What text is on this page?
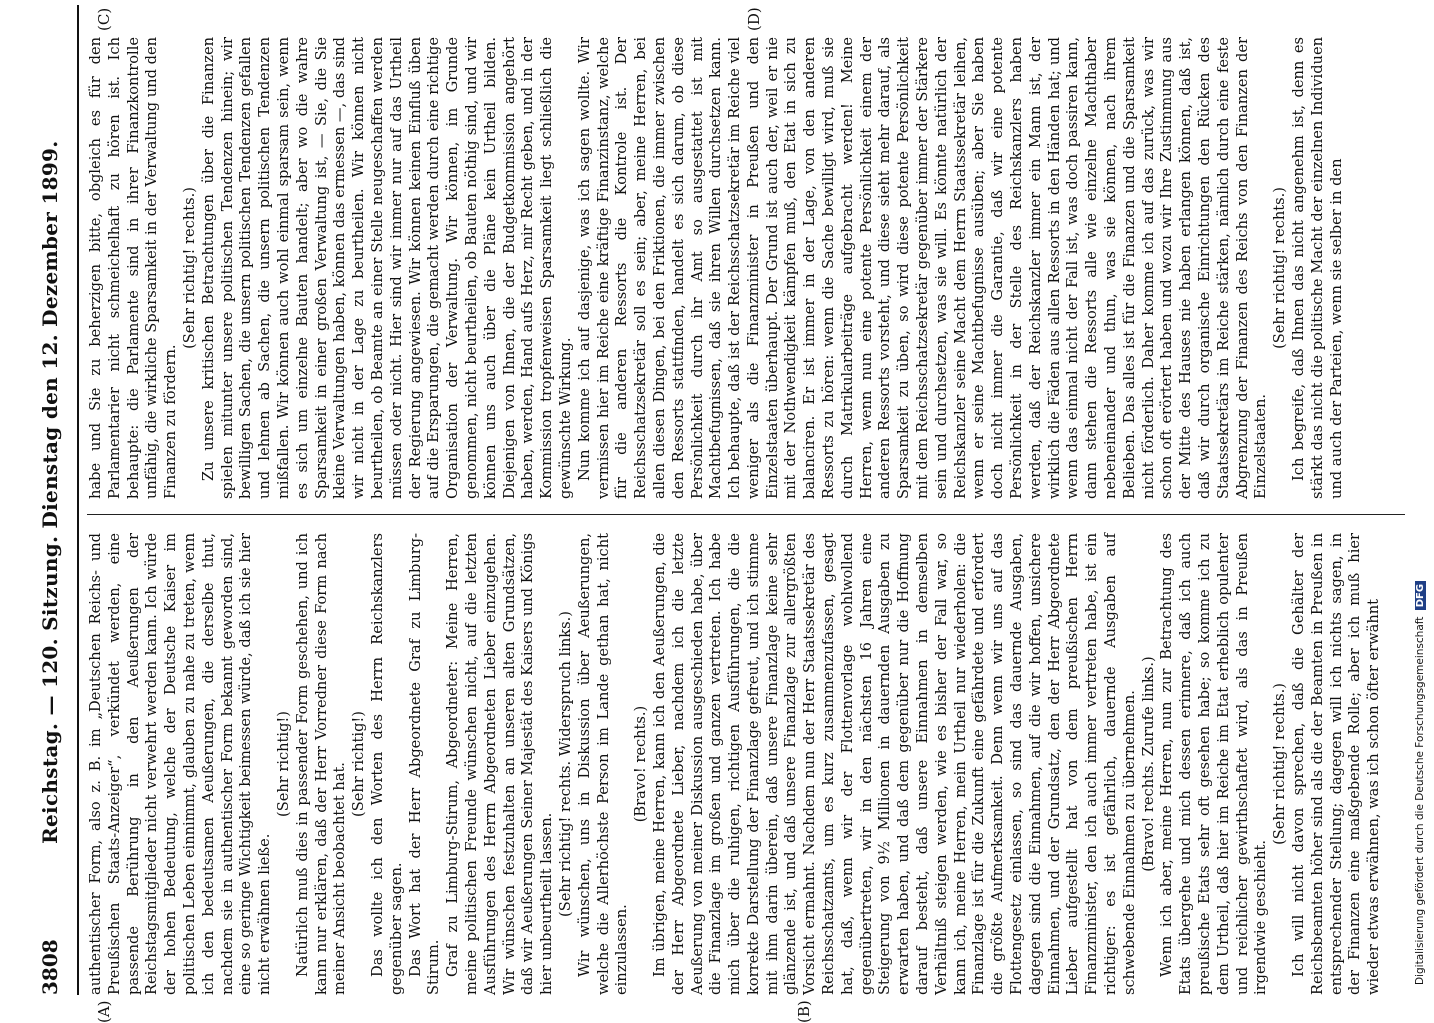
3808
Reichstag. — 120. Sitzung. Dienstag den 12. Dezember 1899. authentischer Form, also z. B. im „Deutschen Reichs- und Preußischen Staats-Anzeiger“, verkündet werden, eine passende Berührung in den Aeußerungen der Reichstagsmitglieder nicht verwehrt werden kann. Ich würde der hohen Bedeutung, welche der Deutsche Kaiser im politischen Leben einnimmt, glauben zu nahe zu treten, wenn ich den bedeutsamen Aeußerungen, die derselbe thut, nachdem sie in authentischer Form bekannt geworden sind, eine so geringe Wichtigkeit beimessen würde, daß ich sie hier nicht erwähnen ließe.

(Sehr richtig!) Natürlich muß dies in passender Form geschehen, und ich kann nur erklären, daß der Herr Vorredner diese Form nach meiner Ansicht beobachtet hat. (Sehr richtig!) Das wollte ich den Worten des Herrn Reichskanzlers gegenüber sagen. Das Wort hat der Herr Abgeordnete Graf zu Limburg-Stirum. Graf zu Limburg-Stirum, Abgeordneter: Meine Herren, meine politischen Freunde wünschen nicht, auf die letzten Ausführungen des Herrn Abgeordneten Lieber einzugehen. Wir wünschen festzuhalten an unseren alten Grundsätzen, daß wir Aeußerungen Seiner Majestät des Kaisers und Königs hier unbeurtheilt lassen. (Sehr richtig! rechts. Widerspruch links.) Wir wünschen, uns in Diskussion über Aeußerungen, welche die Allerhöchste Person im Lande gethan hat, nicht einzulassen.

(Bravo! rechts.) Im übrigen, meine Herren, kann ich den Aeußerungen, die der Herr Abgeordnete Lieber, nachdem ich die letzte Aeußerung von meiner Diskussion ausgeschieden habe, über die Finanzlage im großen und ganzen vertreten. Ich habe mich über die ruhigen, richtigen Ausführungen, die die korrekte Darstellung der Finanzlage gefreut, und ich stimme mit ihm darin überein, daß unsere Finanzlage keine sehr glänzende ist, und daß unsere Finanzlage zur allergrößten Vorsicht ermahnt. Nachdem nun der Herr Staatssekretär des Reichsschatzamts, um es kurz zusammenzufassen, gesagt hat, daß, wenn wir der Flottenvorlage wohlwollend gegenübertreten, wir in den nächsten 16 Jahren eine Steigerung von 9½ Millionen in dauernden Ausgaben zu erwarten haben, und daß dem gegenüber nur die Hoffnung darauf besteht, daß unsere Einnahmen in demselben Verhältniß steigen werden, wie es bisher der Fall war, so kann ich, meine Herren, mein Urtheil nur wiederholen: die Finanzlage ist für die Zukunft eine gefährdete und erfordert die größte Aufmerksamkeit. Denn wenn wir uns auf das Flottengesetz einlassen, so sind das dauernde Ausgaben, dagegen sind die Einnahmen, auf die wir hoffen, unsichere Einnahmen, und der Grundsatz, den der Herr Abgeordnete Lieber aufgestellt hat von dem preußischen Herrn Finanzminister, den ich auch immer vertreten habe, ist ein richtiger: es ist gefährlich, dauernde Ausgaben auf schwebende Einnahmen zu übernehmen. (Bravo! rechts. Zurufe links.) Wenn ich aber, meine Herren, nun zur Betrachtung des Etats übergehe und mich dessen erinnere, daß ich auch preußische Etats sehr oft gesehen habe; so komme ich zu dem Urtheil, daß hier im Reiche im Etat erheblich opulenter und reichlicher gewirthschaftet wird, als das in Preußen irgendwie geschieht.

(Sehr richtig! rechts.) Ich will nicht davon sprechen, daß die Gehälter der Reichsbeamten höher sind als die der Beamten in Preußen in entsprechender Stellung; dagegen will ich nichts sagen, in der Finanzen eine maßgebende Rolle; aber ich muß hier wieder etwas erwähnen, was ich schon öfter erwähnt

habe und Sie zu beherzigen bitte, obgleich es für den Parlamentarier nicht schmeichelhaft zu hören ist. Ich behaupte: die Parlamente sind in ihrer Finanzkontrolle unfähig, die wirkliche Sparsamkeit in der Verwaltung und den Finanzen zu fördern.

(Sehr richtig! rechts.) Zu unsere kritischen Betrachtungen über die Finanzen spielen mitunter unsere politischen Tendenzen hinein; wir bewilligen Sachen, die unsern politischen Tendenzen gefallen und lehnen ab Sachen, die unsern politischen Tendenzen mißfallen. Wir können auch wohl einmal sparsam sein, wenn es sich um einzelne Bauten handelt; aber wo die wahre Sparsamkeit in einer großen Verwaltung ist, — Sie, die Sie kleine Verwaltungen haben, können das ermessen —, das sind wir nicht in der Lage zu beurtheilen. Wir können nicht beurtheilen, ob Beamte an einer Stelle neugeschaffen werden müssen oder nicht. Hier sind wir immer nur auf das Urtheil der Regierung angewiesen. Wir können keinen Einfluß üben auf die Ersparungen, die gemacht werden durch eine richtige Organisation der Verwaltung. Wir können, im Grunde genommen, nicht beurtheilen, ob Bauten nöthig sind, und wir können uns auch über die Pläne kein Urtheil bilden. Diejenigen von Ihnen, die der Budgetkommission angehört haben, werden, Hand aufs Herz, mir Recht geben, und in der Kommission tropfenweisen Sparsamkeit liegt schließlich die gewünschte Wirkung. Nun komme ich auf dasjenige, was ich sagen wollte. Wir vermissen hier im Reiche eine kräftige Finanzinstanz, welche für die anderen Ressorts die Kontrole ist. Der Reichsschatzsekretär soll es sein; aber, meine Herren, bei allen diesen Dingen, bei den Friktionen, die immer zwischen den Ressorts stattfinden, handelt es sich darum, ob diese Persönlichkeit durch ihr Amt so ausgestattet ist mit Machtbefugnissen, daß sie ihren Willen durchsetzen kann. Ich behaupte, daß ist der Reichsschatzsekretär im Reiche viel weniger als die Finanzminister in Preußen und den Einzelstaaten überhaupt. Der Grund ist auch der, weil er nie mit der Nothwendigkeit kämpfen muß, den Etat in sich zu balanciren. Er ist immer in der Lage, von den anderen Ressorts zu hören: wenn die Sache bewilligt wird, muß sie durch Matrikularbeiträge aufgebracht werden! Meine Herren, wenn nun eine potente Persönlichkeit einem der anderen Ressorts vorsteht, und diese sieht mehr darauf, als Sparsamkeit zu üben, so wird diese potente Persönlichkeit mit dem Reichsschatzsekretär gegenüber immer der Stärkere sein und durchsetzen, was sie will. Es könnte natürlich der Reichskanzler seine Macht dem Herrn Staatssekretär leihen, wenn er seine Machtbefugnisse ausüben; aber Sie haben doch nicht immer die Garantie, daß wir eine potente Persönlichkeit in der Stelle des Reichskanzlers haben werden, daß der Reichskanzler immer ein Mann ist, der wirklich die Fäden aus allen Ressorts in den Händen hat; und wenn das einmal nicht der Fall ist, was doch passiren kann, dann stehen die Ressorts alle wie einzelne Machthaber nebeneinander und thun, was sie können, nach ihrem Belieben. Das alles ist für die Finanzen und die Sparsamkeit nicht förderlich. Daher komme ich auf das zurück, was wir schon oft erörtert haben und wozu wir Ihre Zustimmung aus der Mitte des Hauses nie haben erlangen können, daß ist, daß wir durch organische Einrichtungen den Rücken des Staatssekretärs im Reiche stärken, nämlich durch eine feste Abgrenzung der Finanzen des Reichs von den Finanzen der Einzelstaaten.

(Sehr richtig! rechts.) Ich begreife, daß Ihnen das nicht angenehm ist, denn es stärkt das nicht die politische Macht der einzelnen Individuen und auch der Parteien, wenn sie selber in den

(A)	(B)
(C)	(D)
Digitalisierung gefördert durch die Deutsche Forschungsgemeinschaft DFG
